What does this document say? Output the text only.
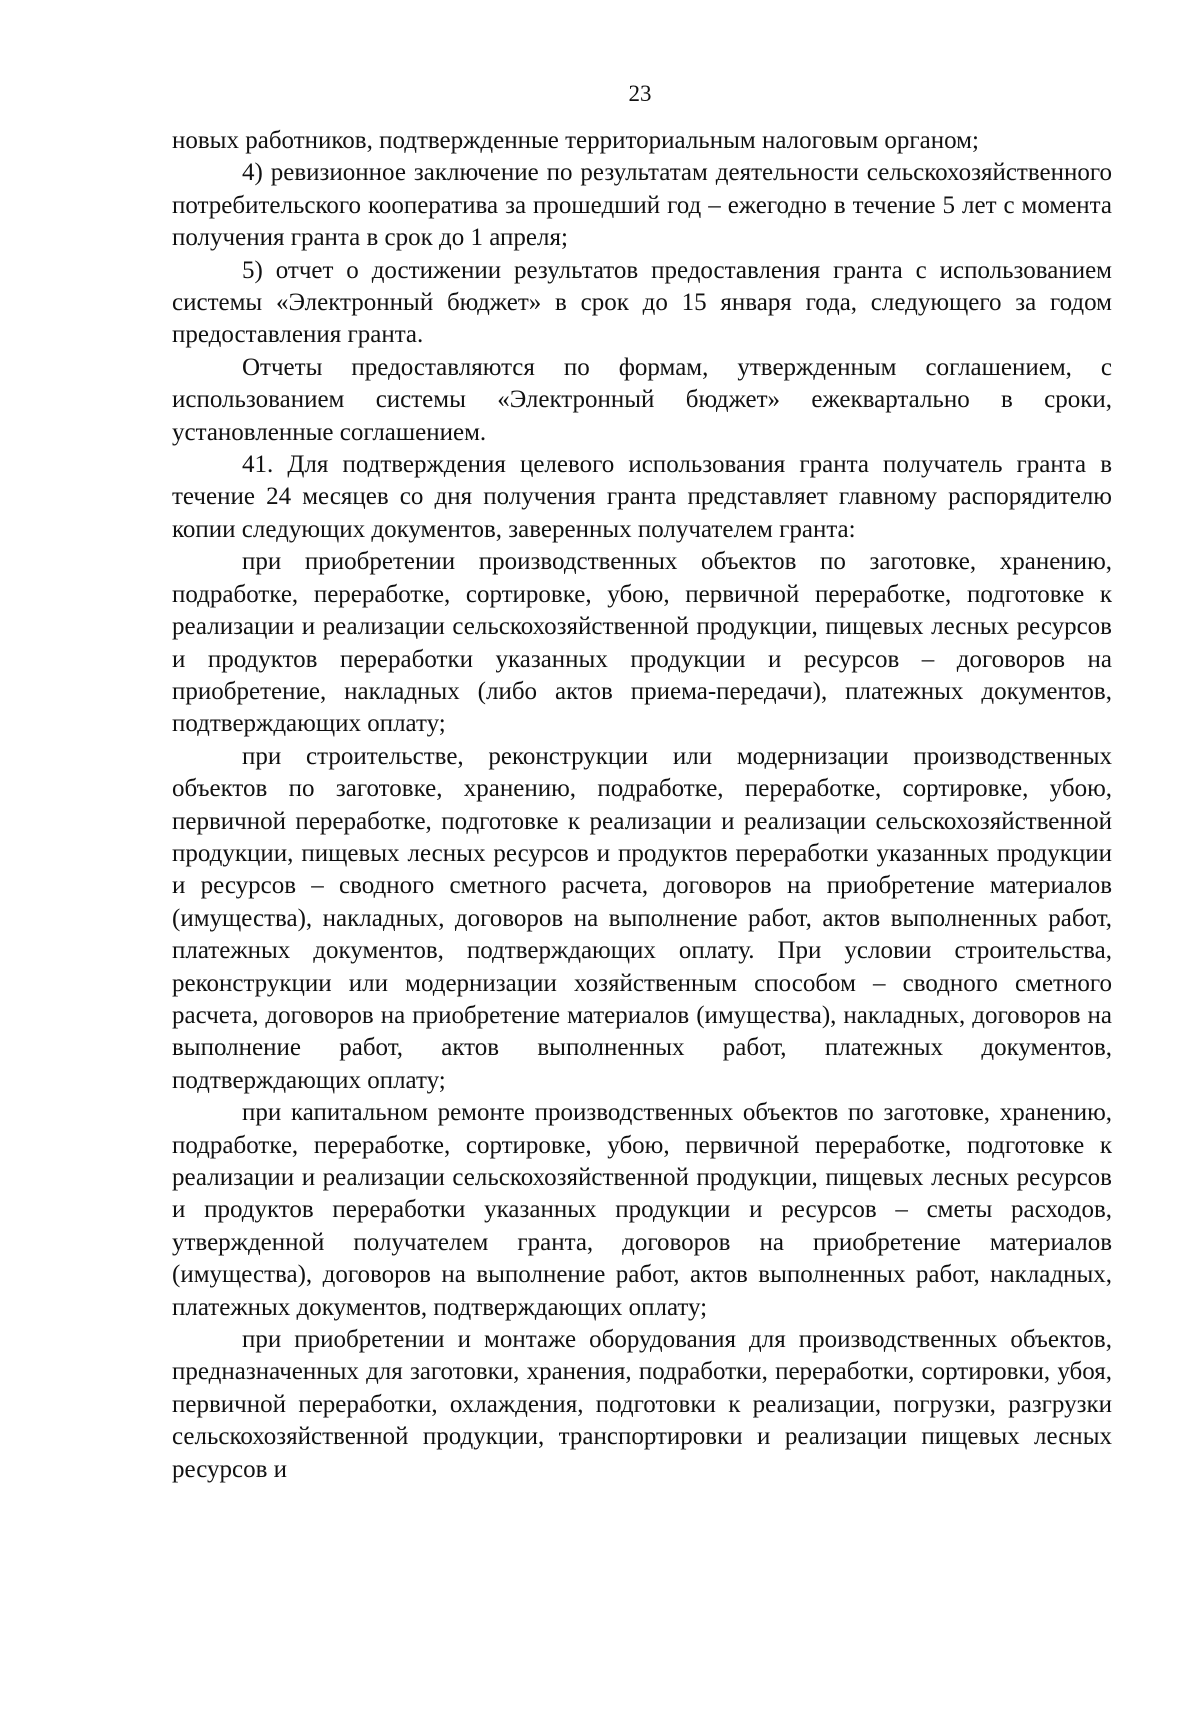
23

новых работников, подтвержденные территориальным налоговым органом;

4) ревизионное заключение по результатам деятельности сельскохозяйственного потребительского кооператива за прошедший год – ежегодно в течение 5 лет с момента получения гранта в срок до 1 апреля;

5) отчет о достижении результатов предоставления гранта с использованием системы «Электронный бюджет» в срок до 15 января года, следующего за годом предоставления гранта.

Отчеты предоставляются по формам, утвержденным соглашением, с использованием системы «Электронный бюджет» ежеквартально в сроки, установленные соглашением.

41. Для подтверждения целевого использования гранта получатель гранта в течение 24 месяцев со дня получения гранта представляет главному распорядителю копии следующих документов, заверенных получателем гранта:

при приобретении производственных объектов по заготовке, хранению, подработке, переработке, сортировке, убою, первичной переработке, подготовке к реализации и реализации сельскохозяйственной продукции, пищевых лесных ресурсов и продуктов переработки указанных продукции и ресурсов – договоров на приобретение, накладных (либо актов приема-передачи), платежных документов, подтверждающих оплату;

при строительстве, реконструкции или модернизации производственных объектов по заготовке, хранению, подработке, переработке, сортировке, убою, первичной переработке, подготовке к реализации и реализации сельскохозяйственной продукции, пищевых лесных ресурсов и продуктов переработки указанных продукции и ресурсов – сводного сметного расчета, договоров на приобретение материалов (имущества), накладных, договоров на выполнение работ, актов выполненных работ, платежных документов, подтверждающих оплату. При условии строительства, реконструкции или модернизации хозяйственным способом – сводного сметного расчета, договоров на приобретение материалов (имущества), накладных, договоров на выполнение работ, актов выполненных работ, платежных документов, подтверждающих оплату;

при капитальном ремонте производственных объектов по заготовке, хранению, подработке, переработке, сортировке, убою, первичной переработке, подготовке к реализации и реализации сельскохозяйственной продукции, пищевых лесных ресурсов и продуктов переработки указанных продукции и ресурсов – сметы расходов, утвержденной получателем гранта, договоров на приобретение материалов (имущества), договоров на выполнение работ, актов выполненных работ, накладных, платежных документов, подтверждающих оплату;

при приобретении и монтаже оборудования для производственных объектов, предназначенных для заготовки, хранения, подработки, переработки, сортировки, убоя, первичной переработки, охлаждения, подготовки к реализации, погрузки, разгрузки сельскохозяйственной продукции, транспортировки и реализации пищевых лесных ресурсов и
